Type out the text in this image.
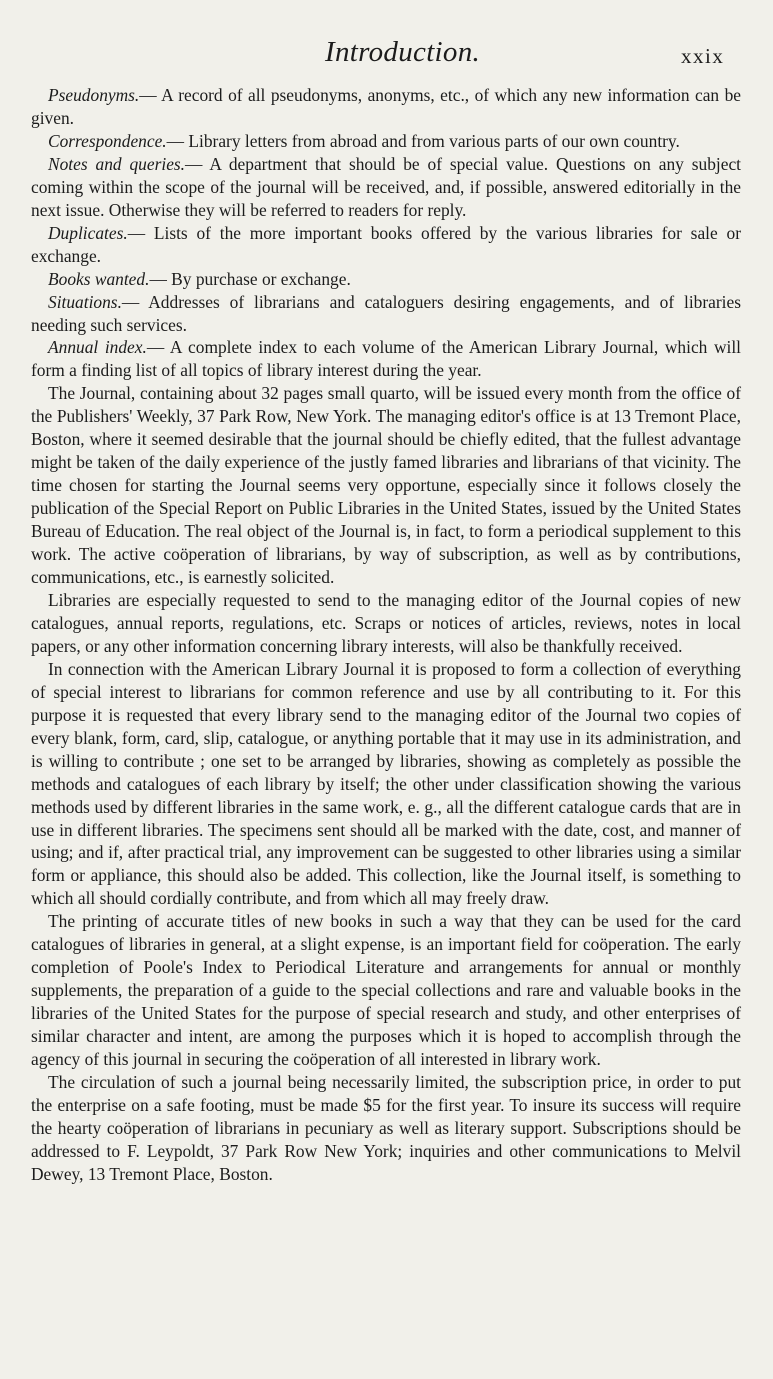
Introduction.	xxix

Pseudonyms.— A record of all pseudonyms, anonyms, etc., of which any new information can be given.

Correspondence.— Library letters from abroad and from various parts of our own country.

Notes and queries.— A department that should be of special value. Questions on any subject coming within the scope of the journal will be received, and, if possible, answered editorially in the next issue. Otherwise they will be referred to readers for reply.

Duplicates.— Lists of the more important books offered by the various libraries for sale or exchange.

Books wanted.— By purchase or exchange.

Situations.— Addresses of librarians and cataloguers desiring engagements, and of libraries needing such services.

Annual index.— A complete index to each volume of the American Library Journal, which will form a finding list of all topics of library interest during the year.

The Journal, containing about 32 pages small quarto, will be issued every month from the office of the Publishers' Weekly, 37 Park Row, New York. The managing editor's office is at 13 Tremont Place, Boston, where it seemed desirable that the journal should be chiefly edited, that the fullest advantage might be taken of the daily experience of the justly famed libraries and librarians of that vicinity. The time chosen for starting the Journal seems very opportune, especially since it follows closely the publication of the Special Report on Public Libraries in the United States, issued by the United States Bureau of Education. The real object of the Journal is, in fact, to form a periodical supplement to this work. The active coöperation of librarians, by way of subscription, as well as by contributions, communications, etc., is earnestly solicited.

Libraries are especially requested to send to the managing editor of the Journal copies of new catalogues, annual reports, regulations, etc. Scraps or notices of articles, reviews, notes in local papers, or any other information concerning library interests, will also be thankfully received.

In connection with the American Library Journal it is proposed to form a collection of everything of special interest to librarians for common reference and use by all contributing to it. For this purpose it is requested that every library send to the managing editor of the Journal two copies of every blank, form, card, slip, catalogue, or anything portable that it may use in its administration, and is willing to contribute ; one set to be arranged by libraries, showing as completely as possible the methods and catalogues of each library by itself; the other under classification showing the various methods used by different libraries in the same work, e. g., all the different catalogue cards that are in use in different libraries. The specimens sent should all be marked with the date, cost, and manner of using; and if, after practical trial, any improvement can be suggested to other libraries using a similar form or appliance, this should also be added. This collection, like the Journal itself, is something to which all should cordially contribute, and from which all may freely draw.

The printing of accurate titles of new books in such a way that they can be used for the card catalogues of libraries in general, at a slight expense, is an important field for coöperation. The early completion of Poole's Index to Periodical Literature and arrangements for annual or monthly supplements, the preparation of a guide to the special collections and rare and valuable books in the libraries of the United States for the purpose of special research and study, and other enterprises of similar character and intent, are among the purposes which it is hoped to accomplish through the agency of this journal in securing the coöperation of all interested in library work.

The circulation of such a journal being necessarily limited, the subscription price, in order to put the enterprise on a safe footing, must be made $5 for the first year. To insure its success will require the hearty coöperation of librarians in pecuniary as well as literary support. Subscriptions should be addressed to F. Leypoldt, 37 Park Row New York; inquiries and other communications to Melvil Dewey, 13 Tremont Place, Boston.
